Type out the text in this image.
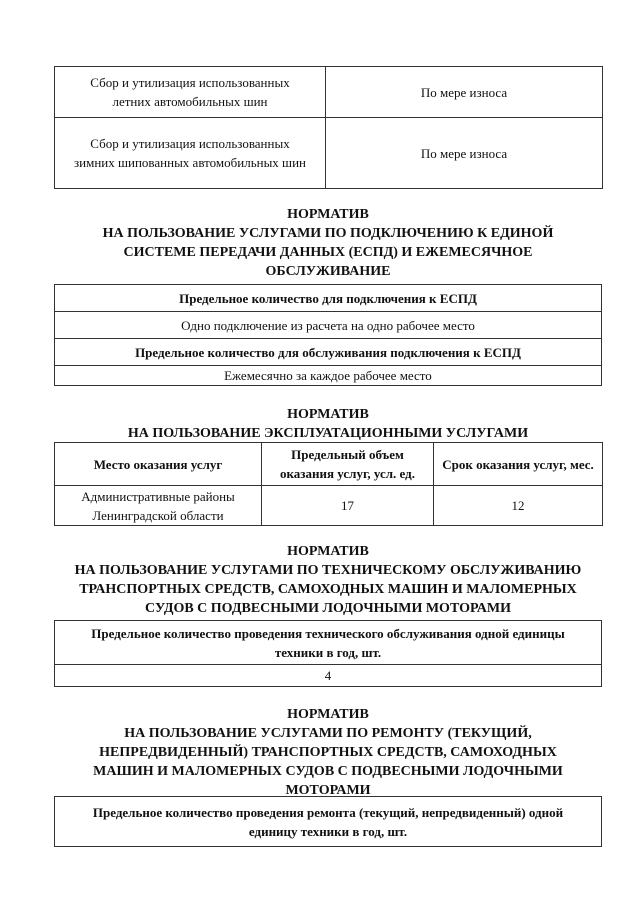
Сбор и утилизация использованных летних автомобильных шин	По мере износа
Сбор и утилизация использованных зимних шипованных автомобильных шин	По мере износа
НОРМАТИВ
НА ПОЛЬЗОВАНИЕ УСЛУГАМИ ПО ПОДКЛЮЧЕНИЮ К ЕДИНОЙ
СИСТЕМЕ ПЕРЕДАЧИ ДАННЫХ (ЕСПД) И ЕЖЕМЕСЯЧНОЕ
ОБСЛУЖИВАНИЕ
Предельное количество для подключения к ЕСПД
Одно подключение из расчета на одно рабочее место
Предельное количество для обслуживания подключения к ЕСПД
Ежемесячно за каждое рабочее место
НОРМАТИВ
НА ПОЛЬЗОВАНИЕ ЭКСПЛУАТАЦИОННЫМИ УСЛУГАМИ
Место оказания услуг	Предельный объем оказания услуг, усл. ед.	Срок оказания услуг, мес.
Административные районы Ленинградской области	17	12
НОРМАТИВ
НА ПОЛЬЗОВАНИЕ УСЛУГАМИ ПО ТЕХНИЧЕСКОМУ ОБСЛУЖИВАНИЮ
ТРАНСПОРТНЫХ СРЕДСТВ, САМОХОДНЫХ МАШИН И МАЛОМЕРНЫХ
СУДОВ С ПОДВЕСНЫМИ ЛОДОЧНЫМИ МОТОРАМИ
Предельное количество проведения технического обслуживания одной единицы техники в год, шт.
4
НОРМАТИВ
НА ПОЛЬЗОВАНИЕ УСЛУГАМИ ПО РЕМОНТУ (ТЕКУЩИЙ,
НЕПРЕДВИДЕННЫЙ) ТРАНСПОРТНЫХ СРЕДСТВ, САМОХОДНЫХ
МАШИН И МАЛОМЕРНЫХ СУДОВ С ПОДВЕСНЫМИ ЛОДОЧНЫМИ
МОТОРАМИ
Предельное количество проведения ремонта (текущий, непредвиденный) одной единицу техники в год, шт.
